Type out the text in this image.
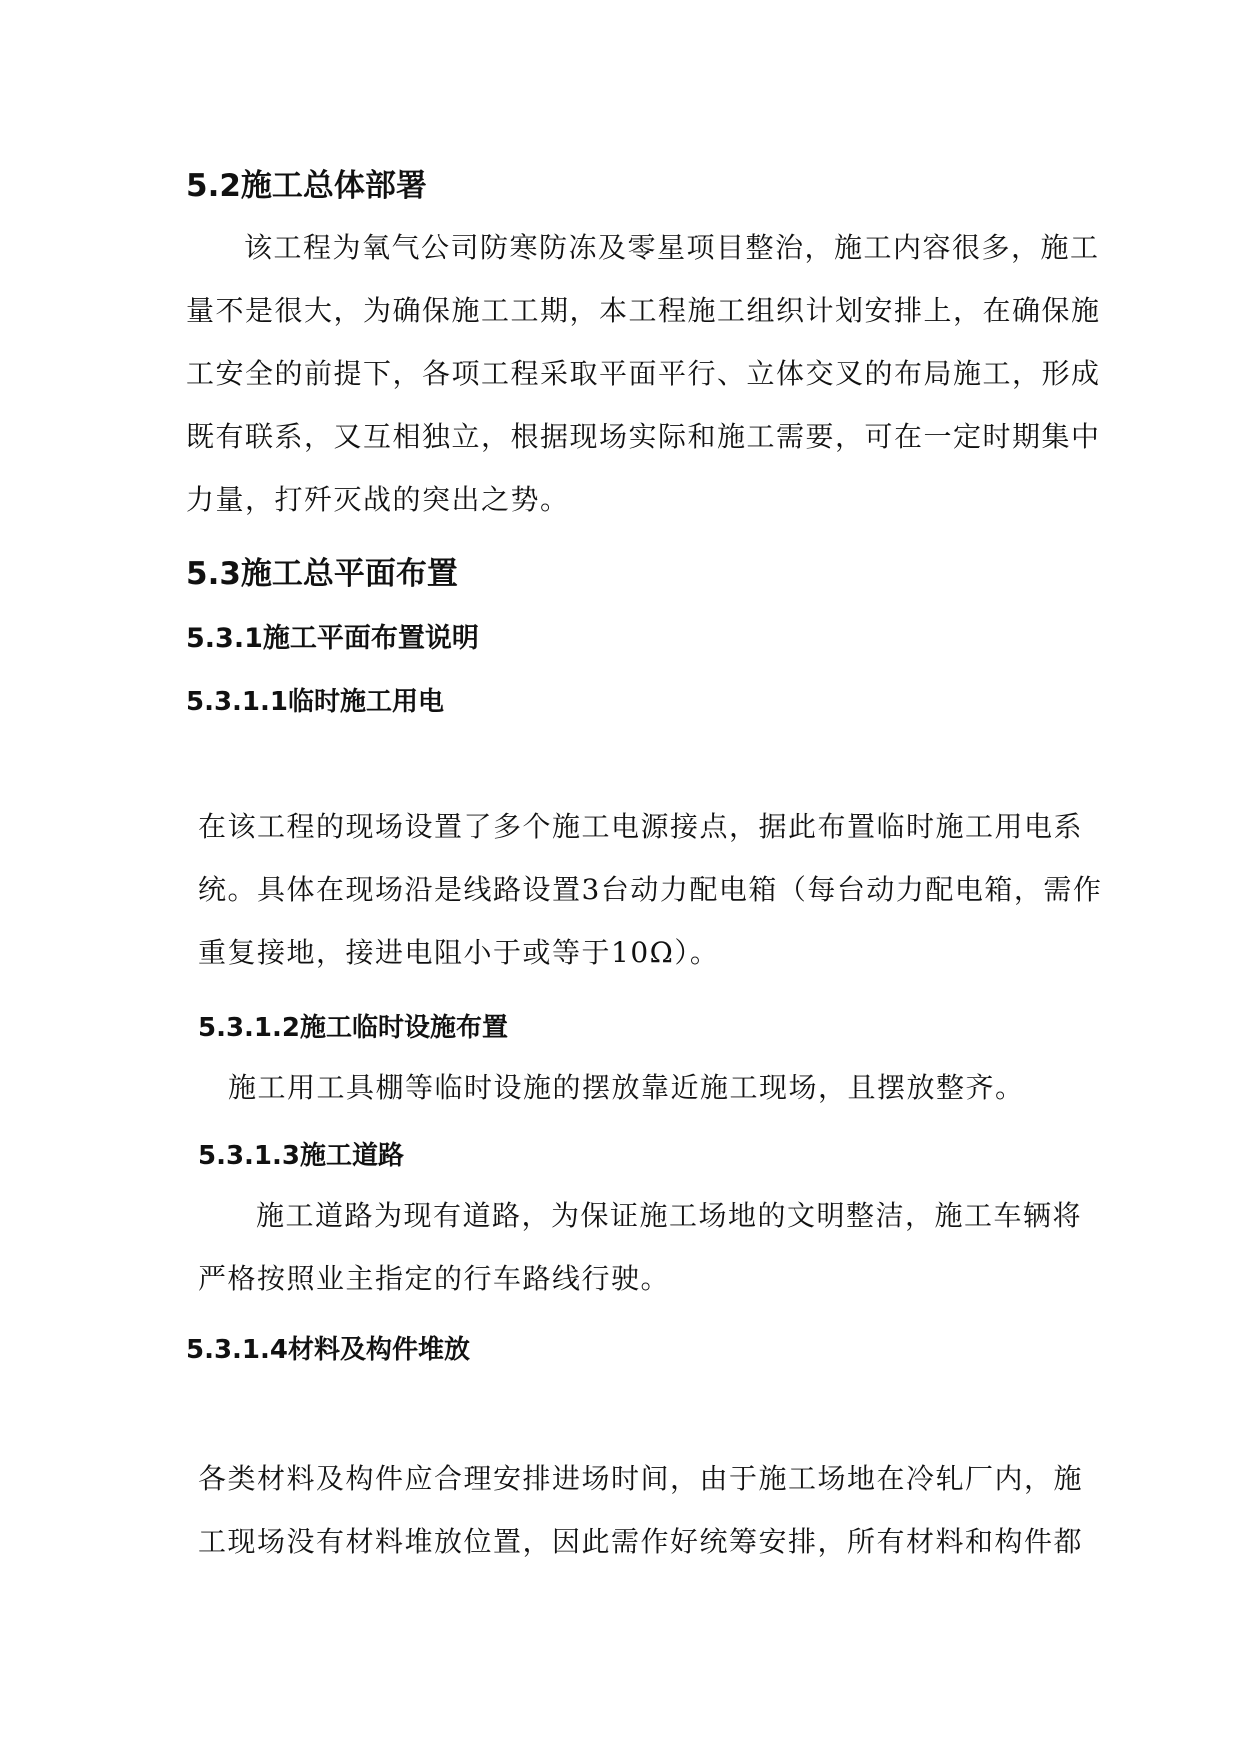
5.2施工总体部署

该工程为氧气公司防寒防冻及零星项目整治，施工内容很多，施工
量不是很大，为确保施工工期，本工程施工组织计划安排上，在确保施
工安全的前提下，各项工程采取平面平行、立体交叉的布局施工，形成
既有联系，又互相独立，根据现场实际和施工需要，可在一定时期集中
力量，打歼灭战的突出之势。

5.3施工总平面布置
5.3.1施工平面布置说明
5.3.1.1临时施工用电

在该工程的现场设置了多个施工电源接点，据此布置临时施工用电系
统。具体在现场沿是线路设置3台动力配电箱（每台动力配电箱，需作
重复接地，接进电阻小于或等于10Ω）。

5.3.1.2施工临时设施布置

施工用工具棚等临时设施的摆放靠近施工现场，且摆放整齐。

5.3.1.3施工道路

施工道路为现有道路，为保证施工场地的文明整洁，施工车辆将
严格按照业主指定的行车路线行驶。

5.3.1.4材料及构件堆放

各类材料及构件应合理安排进场时间，由于施工场地在冷轧厂内，施
工现场没有材料堆放位置，因此需作好统筹安排，所有材料和构件都
